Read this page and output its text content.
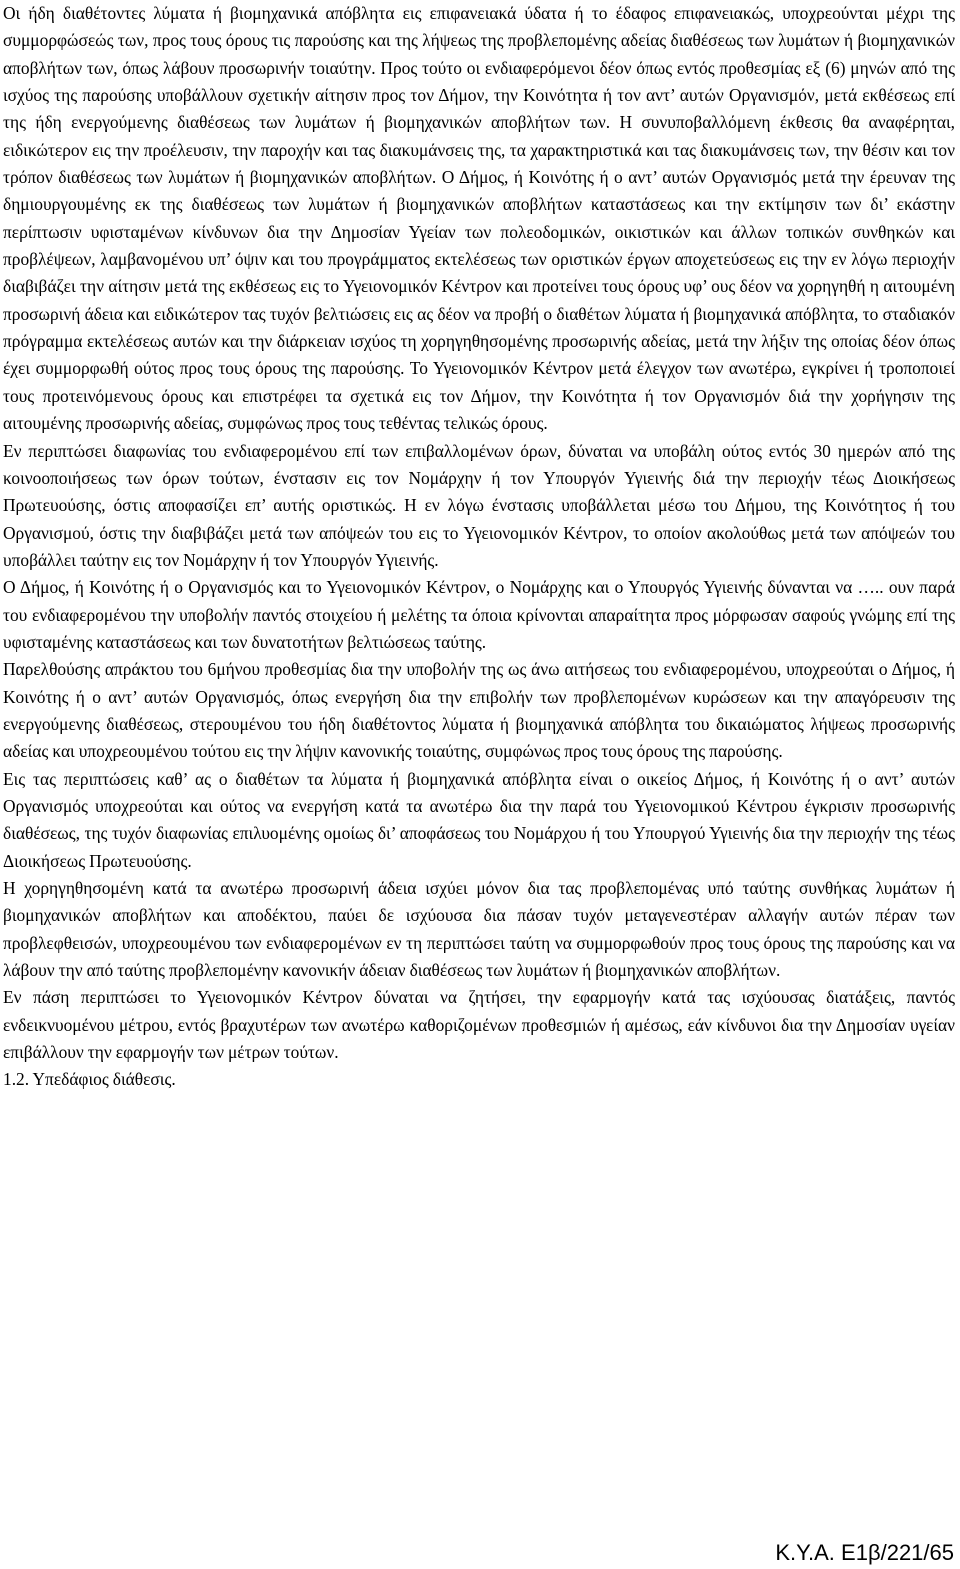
Οι ήδη διαθέτοντες λύματα ή βιομηχανικά απόβλητα εις επιφανειακά ύδατα ή το έδαφος επιφανειακώς, υποχρεούνται μέχρι της συμμορφώσεώς των, προς τους όρους τις παρούσης και της λήψεως της προβλεπομένης αδείας διαθέσεως των λυμάτων ή βιομηχανικών αποβλήτων των, όπως λάβουν προσωρινήν τοιαύτην. Προς τούτο οι ενδιαφερόμενοι δέον όπως εντός προθεσμίας εξ (6) μηνών από της ισχύος της παρούσης υποβάλλουν σχετικήν αίτησιν προς τον Δήμον, την Κοινότητα ή τον αντ’ αυτών Οργανισμόν, μετά εκθέσεως επί της ήδη ενεργούμενης διαθέσεως των λυμάτων ή βιομηχανικών αποβλήτων των. Η συνυποβαλλόμενη έκθεσις θα αναφέρηται, ειδικώτερον εις την προέλευσιν, την παροχήν και τας διακυμάνσεις της, τα χαρακτηριστικά και τας διακυμάνσεις των, την θέσιν και τον τρόπον διαθέσεως των λυμάτων ή βιομηχανικών αποβλήτων. Ο Δήμος, ή Κοινότης ή ο αντ’ αυτών Οργανισμός μετά την έρευναν της δημιουργουμένης εκ της διαθέσεως των λυμάτων ή βιομηχανικών αποβλήτων καταστάσεως και την εκτίμησιν των δι’ εκάστην περίπτωσιν υφισταμένων κίνδυνων δια την Δημοσίαν Υγείαν των πολεοδομικών, οικιστικών και άλλων τοπικών συνθηκών και προβλέψεων, λαμβανομένου υπ’ όψιν και του προγράμματος εκτελέσεως των οριστικών έργων αποχετεύσεως εις την εν λόγω περιοχήν διαβιβάζει την αίτησιν μετά της εκθέσεως εις το Υγειονομικόν Κέντρον και προτείνει τους όρους υφ’ ους δέον να χορηγηθή η αιτουμένη προσωρινή άδεια και ειδικώτερον τας τυχόν βελτιώσεις εις ας δέον να προβή ο διαθέτων λύματα ή βιομηχανικά απόβλητα, το σταδιακόν πρόγραμμα εκτελέσεως αυτών και την διάρκειαν ισχύος τη χορηγηθησομένης προσωρινής αδείας, μετά την λήξιν της οποίας δέον όπως έχει συμμορφωθή ούτος προς τους όρους της παρούσης. Το Υγειονομικόν Κέντρον μετά έλεγχον των ανωτέρω, εγκρίνει ή τροποποιεί τους προτεινόμενους όρους και επιστρέφει τα σχετικά εις τον Δήμον, την Κοινότητα ή τον Οργανισμόν διά την χορήγησιν της αιτουμένης προσωρινής αδείας, συμφώνως προς τους τεθέντας τελικώς όρους.

Εν περιπτώσει διαφωνίας του ενδιαφερομένου επί των επιβαλλομένων όρων, δύναται να υποβάλη ούτος εντός 30 ημερών από της κοινοοποιήσεως των όρων τούτων, ένστασιν εις τον Νομάρχην ή τον Υπουργόν Υγιεινής διά την περιοχήν τέως Διοικήσεως Πρωτευούσης, όστις αποφασίζει επ’ αυτής οριστικώς. Η εν λόγω ένστασις υποβάλλεται μέσω του Δήμου, της Κοινότητος ή του Οργανισμού, όστις την διαβιβάζει μετά των απόψεών του εις το Υγειονομικόν Κέντρον, το οποίον ακολούθως μετά των απόψεών του υποβάλλει ταύτην εις τον Νομάρχην ή τον Υπουργόν Υγιεινής.

Ο Δήμος, ή Κοινότης ή ο Οργανισμός και το Υγειονομικόν Κέντρον, ο Νομάρχης και ο Υπουργός Υγιεινής δύνανται να ….. ουν παρά του ενδιαφερομένου την υποβολήν παντός στοιχείου ή μελέτης τα όποια κρίνονται απαραίτητα προς μόρφωσαν σαφούς γνώμης επί της υφισταμένης καταστάσεως και των δυνατοτήτων βελτιώσεως ταύτης.

Παρελθούσης απράκτου του 6μήνου προθεσμίας δια την υποβολήν της ως άνω αιτήσεως του ενδιαφερομένου, υποχρεούται ο Δήμος, ή Κοινότης ή ο αντ’ αυτών Οργανισμός, όπως ενεργήση δια την επιβολήν των προβλεπομένων κυρώσεων και την απαγόρευσιν της ενεργούμενης διαθέσεως, στερουμένου του ήδη διαθέτοντος λύματα ή βιομηχανικά απόβλητα του δικαιώματος λήψεως προσωρινής αδείας και υποχρεουμένου τούτου εις την λήψιν κανονικής τοιαύτης, συμφώνως προς τους όρους της παρούσης.

Εις τας περιπτώσεις καθ’ ας ο διαθέτων τα λύματα ή βιομηχανικά απόβλητα είναι ο οικείος Δήμος, ή Κοινότης ή ο αντ’ αυτών Οργανισμός υποχρεούται και ούτος να ενεργήση κατά τα ανωτέρω δια την παρά του Υγειονομικού Κέντρου έγκρισιν προσωρινής διαθέσεως, της τυχόν διαφωνίας επιλυομένης ομοίως δι’ αποφάσεως του Νομάρχου ή του Υπουργού Υγιεινής δια την περιοχήν της τέως Διοικήσεως Πρωτευούσης.

Η χορηγηθησομένη κατά τα ανωτέρω προσωρινή άδεια ισχύει μόνον δια τας προβλεπομένας υπό ταύτης συνθήκας λυμάτων ή βιομηχανικών αποβλήτων και αποδέκτου, παύει δε ισχύουσα δια πάσαν τυχόν μεταγενεστέραν αλλαγήν αυτών πέραν των προβλεφθεισών, υποχρεουμένου των ενδιαφερομένων εν τη περιπτώσει ταύτη να συμμορφωθούν προς τους όρους της παρούσης και να λάβουν την από ταύτης προβλεπομένην κανονικήν άδειαν διαθέσεως των λυμάτων ή βιομηχανικών αποβλήτων.

Εν πάση περιπτώσει το Υγειονομικόν Κέντρον δύναται να ζητήσει, την εφαρμογήν κατά τας ισχύουσας διατάξεις, παντός ενδεικνυομένου μέτρου, εντός βραχυτέρων των ανωτέρω καθοριζομένων προθεσμιών ή αμέσως, εάν κίνδυνοι δια την Δημοσίαν υγείαν επιβάλλουν την εφαρμογήν των μέτρων τούτων.

1.2. Υπεδάφιος διάθεσις.

Κ.Υ.Α. Ε1β/221/65
